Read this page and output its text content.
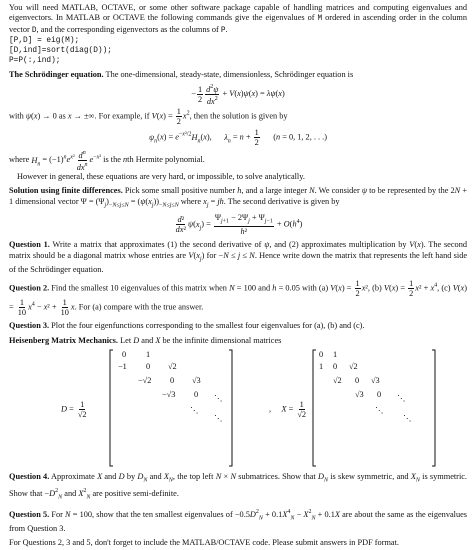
You will need MATLAB, OCTAVE, or some other software package capable of handling matrices and computing eigenvalues and eigenvectors. In MATLAB or OCTAVE the following commands give the eigenvalues of M ordered in ascending order in the column vector D, and the corresponding eigenvectors as the columns of P.

[P,D] = eig(M);
[D,ind]=sort(diag(D));
P=P(:,ind);

The Schrödinger equation. The one-dimensional, steady-state, dimensionless, Schrödinger equation is

− $\frac{1}{2} \frac{d^2\psi}{dx^2} + V(x)\psi(x) = \lambda\psi(x)$

with ψ(x) → 0 as x → ±∞. For example, if $V(x) = \frac{1}{2} x^2$, then the solution is given by

$\psi_n(x) = e^{-x^2/2}H_n(x)$,      $\lambda_n = n + \frac{1}{2} (n = 0$, 1, 2, . . .)

where $H_n = (-1)^ne^{x^2} \frac{d^n}{dx^n} e^{-x^2}$ is the nth Hermite polynomial.

However in general, these equations are very hard, or impossible, to solve analytically.

Solution using finite differences. Pick some small positive number h, and a large integer N. We consider ψ to be represented by the 2N + 1 dimensional vector $\Psi = (\Psi_j)_{-N\le j\le N} = (\psi(x_j))_{-N\le j\le N}$ where $x_j$ = jh. The second derivative is given by

$\frac{\text{d²}}{\text{dx²}} \psi(x_j) = \frac{\Psi_{j+1} - 2\Psi_j + \Psi_{j-1}}{\text{h²}} + O(h^4)$

Question 1. Write a matrix that approximates (1) the second derivative of ψ, and (2) approximates multiplication by V(x). The second matrix should be a diagonal matrix whose entries are $V(x_j)$ for −N ≤ j ≤ N. Hence write down the matrix that represents the left hand side of the Schrödinger equation.

Question 2. Find the smallest 10 eigenvalues of this matrix when N = 100 and h = 0.05 with (a) $V(x) = \frac{1}{2} x^2$, (b) $V(x) = \frac{1}{2} x^2 + x^4$, (c) $V(x) = \frac{1}{10} x^4 - x^2 + \frac{1}{10} x$. For (a) compare with the true answer.

Question 3. Plot the four eigenfunctions corresponding to the smallest four eigenvalues for (a), (b) and (c).

Heisenberg Matrix Mechanics. Let D and X be the infinite dimensional matrices

$D = \frac{1}{√2}$
0 1
−1 0 √2
−√2 0 √3
−√3 0 ⋱
⋱
⋱
,     $X = \frac{1}{√2}$
0 1
1 0 √2
√2 0 √3
√3 0 ⋱
⋱
⋱

Question 4. Approximate X and D by $D_N$ and $X_N$, the top left N × N submatrices. Show that $D_N$ is skew symmetric, and $X_N$ is symmetric. Show that $-D^2_N$ and $X^2_N$ are positive semi-definite.

Question 5. For N = 100, show that the ten smallest eigenvalues of $-0.5D^2_N + 0.1X^4_N - X^2_N + 0.1X$ are about the same as the eigenvalues from Question 3.

For Questions 2, 3 and 5, don't forget to include the MATLAB/OCTAVE code. Please submit answers in PDF format.
